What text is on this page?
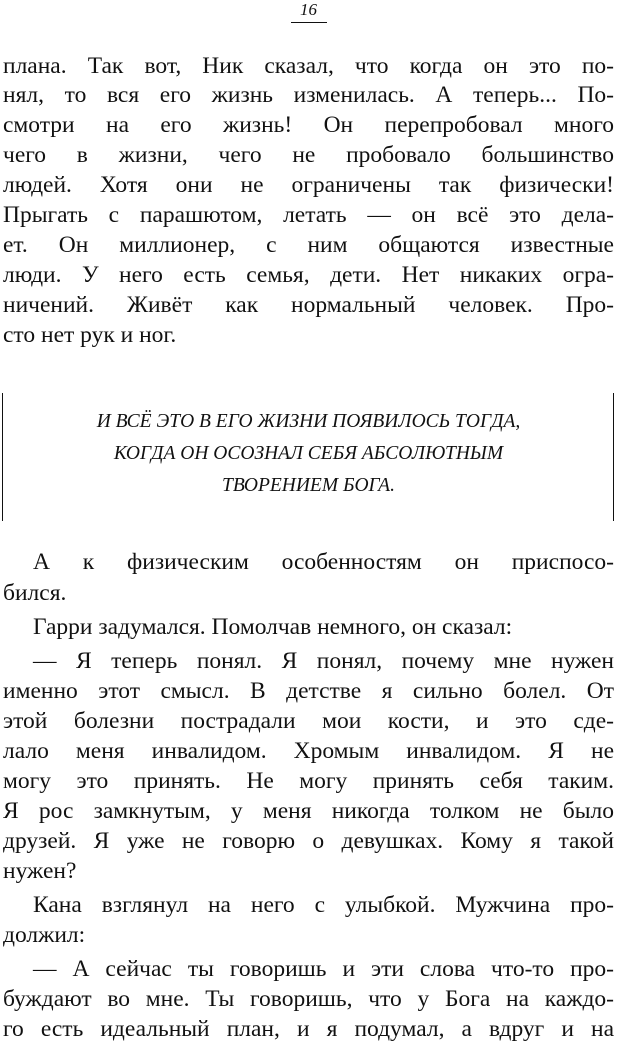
16
плана. Так вот, Ник сказал, что когда он это по-
нял, то вся его жизнь изменилась. А теперь... По-
смотри на его жизнь! Он перепробовал много
чего в жизни, чего не пробовало большинство
людей. Хотя они не ограничены так физически!
Прыгать с парашютом, летать — он всё это дела-
ет. Он миллионер, с ним общаются известные
люди. У него есть семья, дети. Нет никаких огра-
ничений. Живёт как нормальный человек. Про-
сто нет рук и ног.
И ВСЁ ЭТО В ЕГО ЖИЗНИ ПОЯВИЛОСЬ ТОГДА,
КОГДА ОН ОСОЗНАЛ СЕБЯ АБСОЛЮТНЫМ
ТВОРЕНИЕМ БОГА.
А к физическим особенностям он приспосо-
бился.
Гарри задумался. Помолчав немного, он сказал:
— Я теперь понял. Я понял, почему мне нужен
именно этот смысл. В детстве я сильно болел. От
этой болезни пострадали мои кости, и это сде-
лало меня инвалидом. Хромым инвалидом. Я не
могу это принять. Не могу принять себя таким.
Я рос замкнутым, у меня никогда толком не было
друзей. Я уже не говорю о девушках. Кому я такой
нужен?
Кана взглянул на него с улыбкой. Мужчина про-
должил:
— А сейчас ты говоришь и эти слова что-то про-
буждают во мне. Ты говоришь, что у Бога на каждо-
го есть идеальный план, и я подумал, а вдруг и на
